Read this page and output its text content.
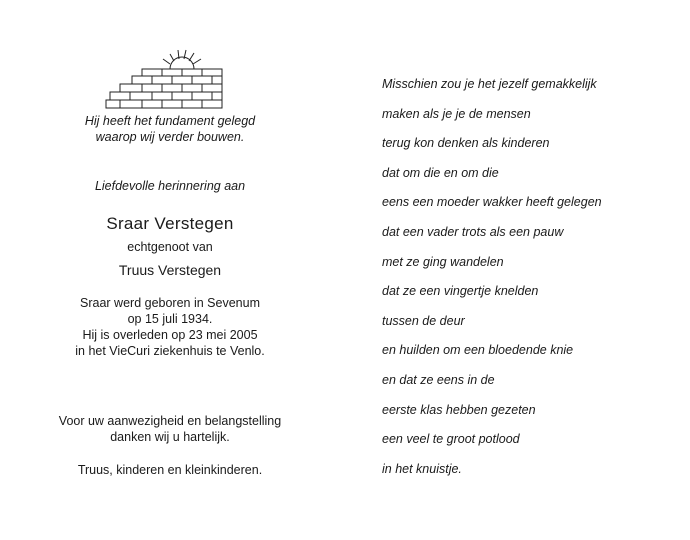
Hij heeft het fundament gelegd
waarop wij verder bouwen.
Liefdevolle herinnering aan
Sraar Verstegen
echtgenoot van
Truus Verstegen
Sraar werd geboren in Sevenum
op 15 juli 1934.
Hij is overleden op 23 mei 2005
in het VieCuri ziekenhuis te Venlo.
Voor uw aanwezigheid en belangstelling
danken wij u hartelijk.
Truus, kinderen en kleinkinderen.
Misschien zou je het jezelf gemakkelijk
maken als je je de mensen
terug kon denken als kinderen
dat om die en om die
eens een moeder wakker heeft gelegen
dat een vader trots als een pauw
met ze ging wandelen
dat ze een vingertje knelden
tussen de deur
en huilden om een bloedende knie
en dat ze eens in de
eerste klas hebben gezeten
een veel te groot potlood
in het knuistje.
